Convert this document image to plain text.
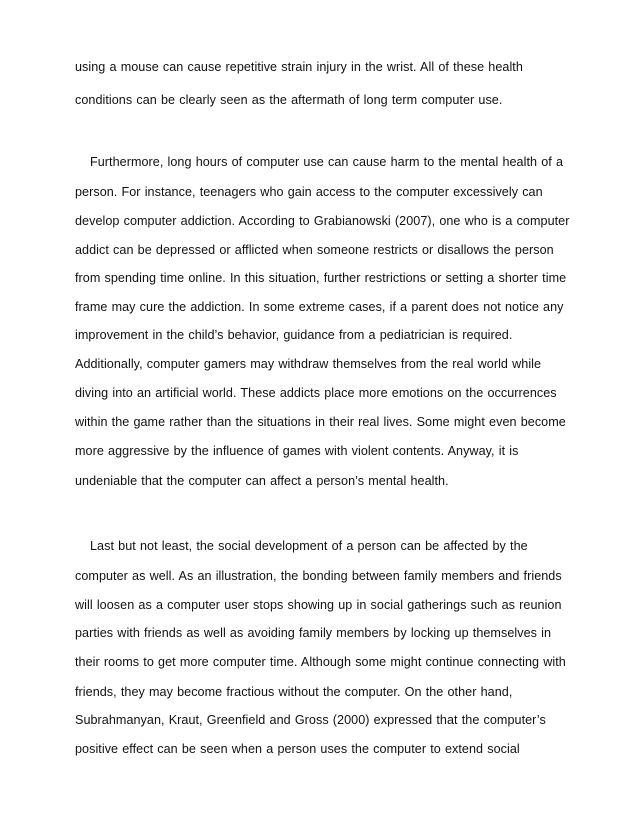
using a mouse can cause repetitive strain injury in the wrist. All of these health
conditions can be clearly seen as the aftermath of long term computer use.
Furthermore, long hours of computer use can cause harm to the mental health of a
person. For instance, teenagers who gain access to the computer excessively can
develop computer addiction. According to Grabianowski (2007), one who is a computer
addict can be depressed or afflicted when someone restricts or disallows the person
from spending time online. In this situation, further restrictions or setting a shorter time
frame may cure the addiction. In some extreme cases, if a parent does not notice any
improvement in the child’s behavior, guidance from a pediatrician is required.
Additionally, computer gamers may withdraw themselves from the real world while
diving into an artificial world. These addicts place more emotions on the occurrences
within the game rather than the situations in their real lives. Some might even become
more aggressive by the influence of games with violent contents. Anyway, it is
undeniable that the computer can affect a person’s mental health.
Last but not least, the social development of a person can be affected by the
computer as well. As an illustration, the bonding between family members and friends
will loosen as a computer user stops showing up in social gatherings such as reunion
parties with friends as well as avoiding family members by locking up themselves in
their rooms to get more computer time. Although some might continue connecting with
friends, they may become fractious without the computer. On the other hand,
Subrahmanyan, Kraut, Greenfield and Gross (2000) expressed that the computer’s
positive effect can be seen when a person uses the computer to extend social
